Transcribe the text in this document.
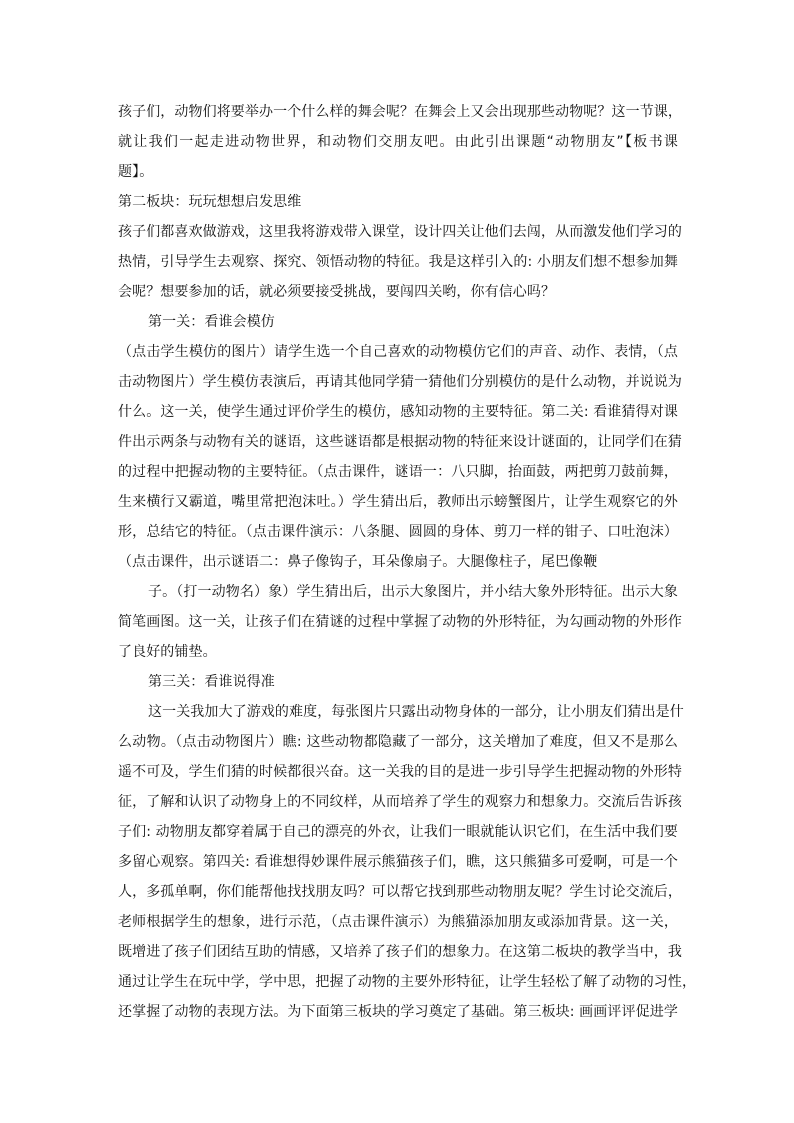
孩子们，动物们将要举办一个什么样的舞会呢？在舞会上又会出现那些动物呢？这一节课，
就让我们一起走进动物世界，和动物们交朋友吧。由此引出课题“动物朋友”【板书课
题】。
第二板块：玩玩想想启发思维
孩子们都喜欢做游戏，这里我将游戏带入课堂，设计四关让他们去闯，从而激发他们学习的
热情，引导学生去观察、探究、领悟动物的特征。我是这样引入的: 小朋友们想不想参加舞
会呢？想要参加的话，就必须要接受挑战，要闯四关哟，你有信心吗？
第一关：看谁会模仿
（点击学生模仿的图片）请学生选一个自己喜欢的动物模仿它们的声音、动作、表情，（点
击动物图片）学生模仿表演后，再请其他同学猜一猜他们分别模仿的是什么动物，并说说为
什么。这一关，使学生通过评价学生的模仿，感知动物的主要特征。第二关: 看谁猜得对课
件出示两条与动物有关的谜语，这些谜语都是根据动物的特征来设计谜面的，让同学们在猜
的过程中把握动物的主要特征。（点击课件，谜语一：八只脚，抬面鼓，两把剪刀鼓前舞，
生来横行又霸道，嘴里常把泡沫吐。）学生猜出后，教师出示螃蟹图片，让学生观察它的外
形，总结它的特征。（点击课件演示：八条腿、圆圆的身体、剪刀一样的钳子、口吐泡沫）
（点击课件，出示谜语二：鼻子像钩子，耳朵像扇子。大腿像柱子，尾巴像鞭
子。（打一动物名）象）学生猜出后，出示大象图片，并小结大象外形特征。出示大象
简笔画图。这一关，让孩子们在猜谜的过程中掌握了动物的外形特征，为勾画动物的外形作
了良好的铺垫。
第三关：看谁说得准
这一关我加大了游戏的难度，每张图片只露出动物身体的一部分，让小朋友们猜出是什
么动物。（点击动物图片）瞧: 这些动物都隐藏了一部分，这关增加了难度，但又不是那么
遥不可及，学生们猜的时候都很兴奋。这一关我的目的是进一步引导学生把握动物的外形特
征，了解和认识了动物身上的不同纹样，从而培养了学生的观察力和想象力。交流后告诉孩
子们: 动物朋友都穿着属于自己的漂亮的外衣，让我们一眼就能认识它们，在生活中我们要
多留心观察。第四关: 看谁想得妙课件展示熊猫孩子们，瞧，这只熊猫多可爱啊，可是一个
人，多孤单啊，你们能帮他找找朋友吗？可以帮它找到那些动物朋友呢？学生讨论交流后，
老师根据学生的想象，进行示范，（点击课件演示）为熊猫添加朋友或添加背景。这一关，
既增进了孩子们团结互助的情感，又培养了孩子们的想象力。在这第二板块的教学当中，我
通过让学生在玩中学，学中思，把握了动物的主要外形特征，让学生轻松了解了动物的习性，
还掌握了动物的表现方法。为下面第三板块的学习奠定了基础。第三板块: 画画评评促进学
